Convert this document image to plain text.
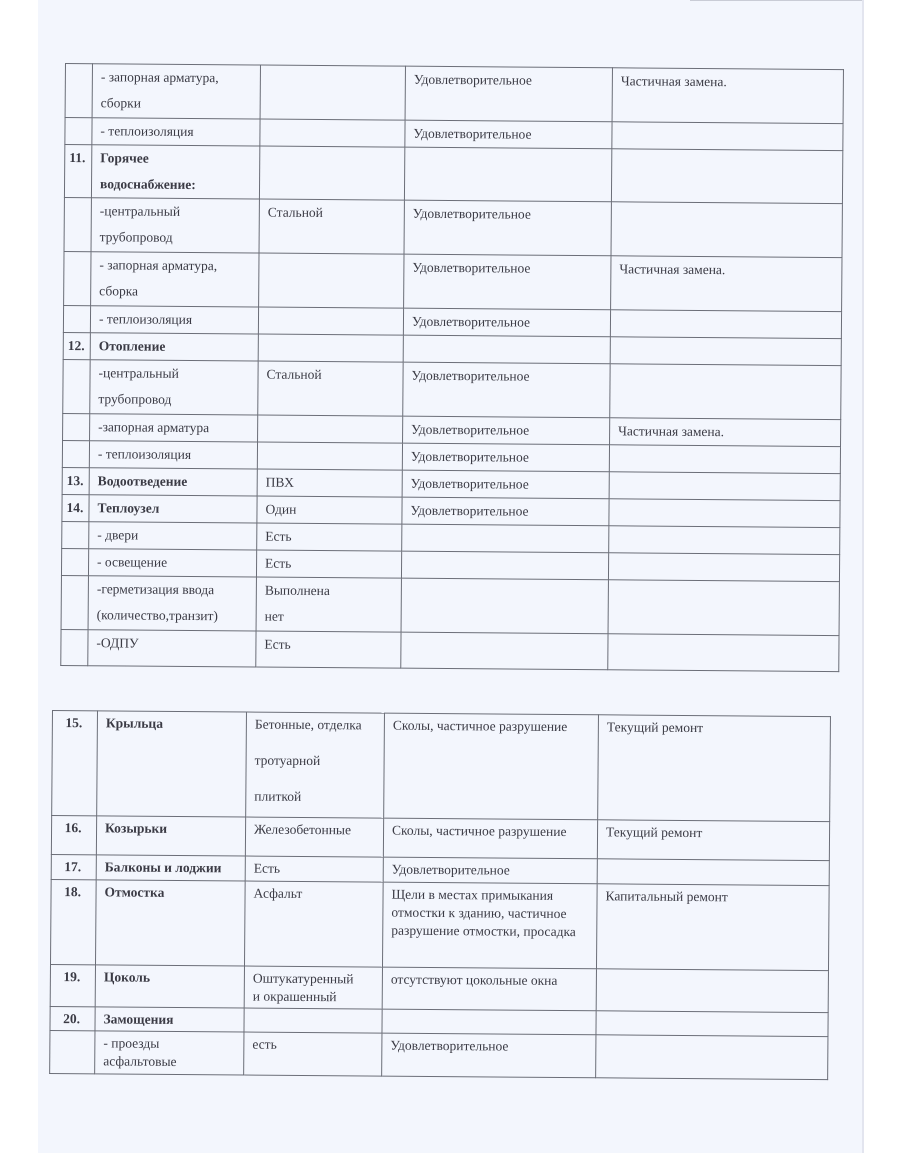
	- запорная арматура,
сборки		Удовлетворительное	Частичная замена.
	- теплоизоляция		Удовлетворительное	
11.	Горячее
водоснабжение:			
	-центральный
трубопровод	Стальной	Удовлетворительное	
	- запорная арматура,
сборка		Удовлетворительное	Частичная замена.
	- теплоизоляция		Удовлетворительное	
12.	Отопление			
	-центральный
трубопровод	Стальной	Удовлетворительное	
	-запорная арматура		Удовлетворительное	Частичная замена.
	- теплоизоляция		Удовлетворительное	
13.	Водоотведение	ПВХ	Удовлетворительное	
14.	Теплоузел	Один	Удовлетворительное	
	- двери	Есть		
	- освещение	Есть		
	-герметизация ввода
(количество,транзит)	Выполнена
нет		
	-ОДПУ	Есть		
15.	Крыльца	Бетонные, отделка

тротуарной

плиткой	Сколы, частичное разрушение	Текущий ремонт
16.	Козырьки	Железобетонные	Сколы, частичное разрушение	Текущий ремонт
17.	Балконы и лоджии	Есть	Удовлетворительное	
18.	Отмостка	Асфальт	Щели в местах примыкания отмостки к зданию, частичное разрушение отмостки, просадка	Капитальный ремонт
19.	Цоколь	Оштукатуренный
и окрашенный	отсутствуют цокольные окна	
20.	Замощения			
	- проезды
асфальтовые	есть	Удовлетворительное	
